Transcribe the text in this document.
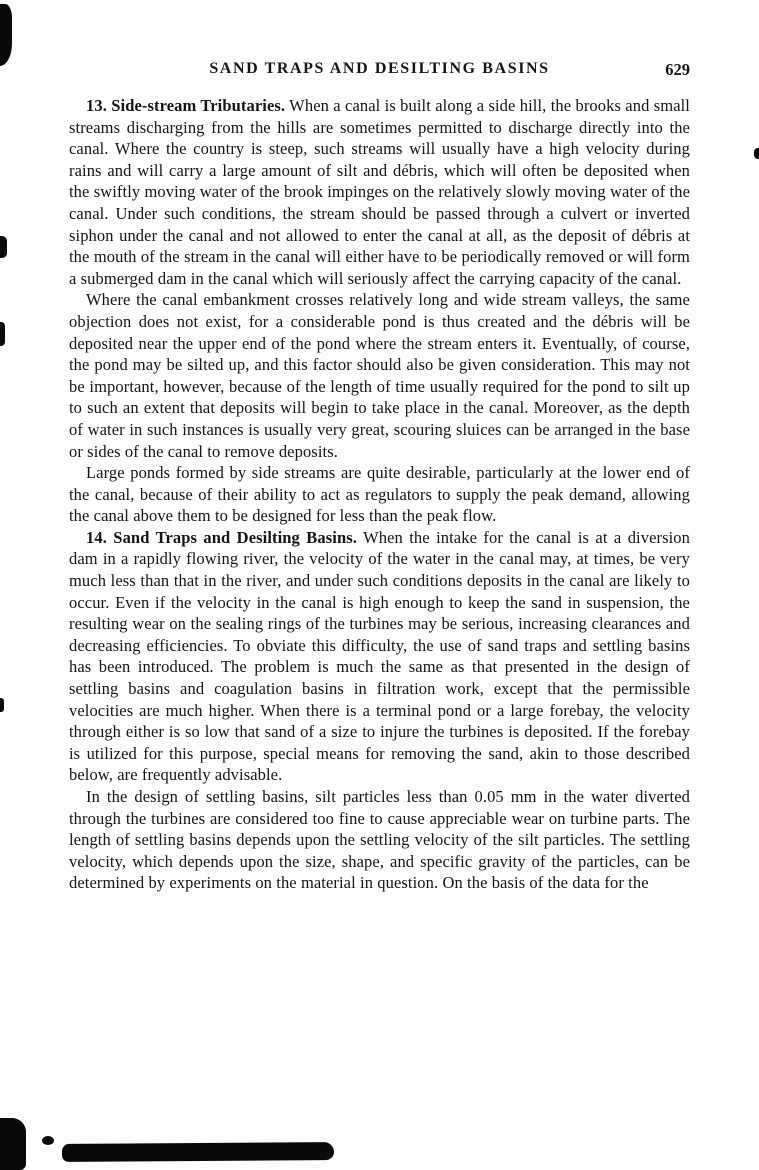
SAND TRAPS AND DESILTING BASINS	629

13. Side-stream Tributaries. When a canal is built along a side hill, the brooks and small streams discharging from the hills are sometimes permitted to discharge directly into the canal. Where the country is steep, such streams will usually have a high velocity during rains and will carry a large amount of silt and débris, which will often be deposited when the swiftly moving water of the brook impinges on the relatively slowly moving water of the canal. Under such conditions, the stream should be passed through a culvert or inverted siphon under the canal and not allowed to enter the canal at all, as the deposit of débris at the mouth of the stream in the canal will either have to be periodically removed or will form a submerged dam in the canal which will seriously affect the carrying capacity of the canal.

Where the canal embankment crosses relatively long and wide stream valleys, the same objection does not exist, for a considerable pond is thus created and the débris will be deposited near the upper end of the pond where the stream enters it. Eventually, of course, the pond may be silted up, and this factor should also be given consideration. This may not be important, however, because of the length of time usually required for the pond to silt up to such an extent that deposits will begin to take place in the canal. Moreover, as the depth of water in such instances is usually very great, scouring sluices can be arranged in the base or sides of the canal to remove deposits.

Large ponds formed by side streams are quite desirable, particularly at the lower end of the canal, because of their ability to act as regulators to supply the peak demand, allowing the canal above them to be designed for less than the peak flow.

14. Sand Traps and Desilting Basins. When the intake for the canal is at a diversion dam in a rapidly flowing river, the velocity of the water in the canal may, at times, be very much less than that in the river, and under such conditions deposits in the canal are likely to occur. Even if the velocity in the canal is high enough to keep the sand in suspension, the resulting wear on the sealing rings of the turbines may be serious, increasing clearances and decreasing efficiencies. To obviate this difficulty, the use of sand traps and settling basins has been introduced. The problem is much the same as that presented in the design of settling basins and coagulation basins in filtration work, except that the permissible velocities are much higher. When there is a terminal pond or a large forebay, the velocity through either is so low that sand of a size to injure the turbines is deposited. If the forebay is utilized for this purpose, special means for removing the sand, akin to those described below, are frequently advisable.

In the design of settling basins, silt particles less than 0.05 mm in the water diverted through the turbines are considered too fine to cause appreciable wear on turbine parts. The length of settling basins depends upon the settling velocity of the silt particles. The settling velocity, which depends upon the size, shape, and specific gravity of the particles, can be determined by experiments on the material in question. On the basis of the data for the
